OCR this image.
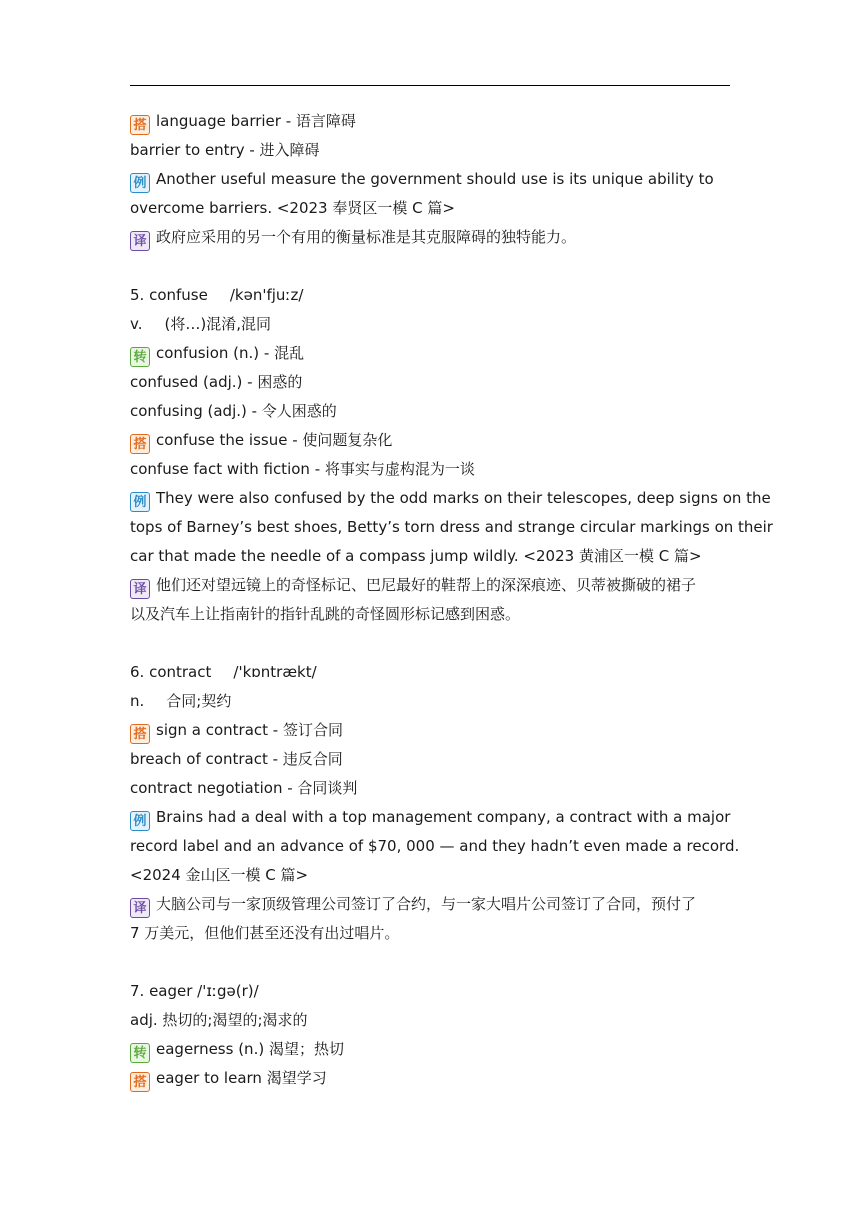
搭 language barrier - 语言障碍
barrier to entry - 进入障碍
例 Another useful measure the government should use is its unique ability to
overcome barriers. <2023 奉贤区一模 C 篇>
译 政府应采用的另一个有用的衡量标准是其克服障碍的独特能力。
5. confuse /kən'fjuːz/
v. (将…)混淆,混同
转 confusion (n.) - 混乱
confused (adj.) - 困惑的
confusing (adj.) - 令人困惑的
搭 confuse the issue - 使问题复杂化
confuse fact with fiction - 将事实与虚构混为一谈
例 They were also confused by the odd marks on their telescopes, deep signs on the
tops of Barney’s best shoes, Betty’s torn dress and strange circular markings on their
car that made the needle of a compass jump wildly. <2023 黄浦区一模 C 篇>
译 他们还对望远镜上的奇怪标记、巴尼最好的鞋帮上的深深痕迹、贝蒂被撕破的裙子
以及汽车上让指南针的指针乱跳的奇怪圆形标记感到困惑。
6. contract /'kɒntrækt/
n. 合同;契约
搭 sign a contract - 签订合同
breach of contract - 违反合同
contract negotiation - 合同谈判
例 Brains had a deal with a top management company, a contract with a major
record label and an advance of $70, 000 — and they hadn’t even made a record.
<2024 金山区一模 C 篇>
译 大脑公司与一家顶级管理公司签订了合约，与一家大唱片公司签订了合同，预付了
7 万美元，但他们甚至还没有出过唱片。
7. eager /'ɪːgə(r)/
adj. 热切的;渴望的;渴求的
转 eagerness (n.) 渴望；热切
搭 eager to learn 渴望学习
